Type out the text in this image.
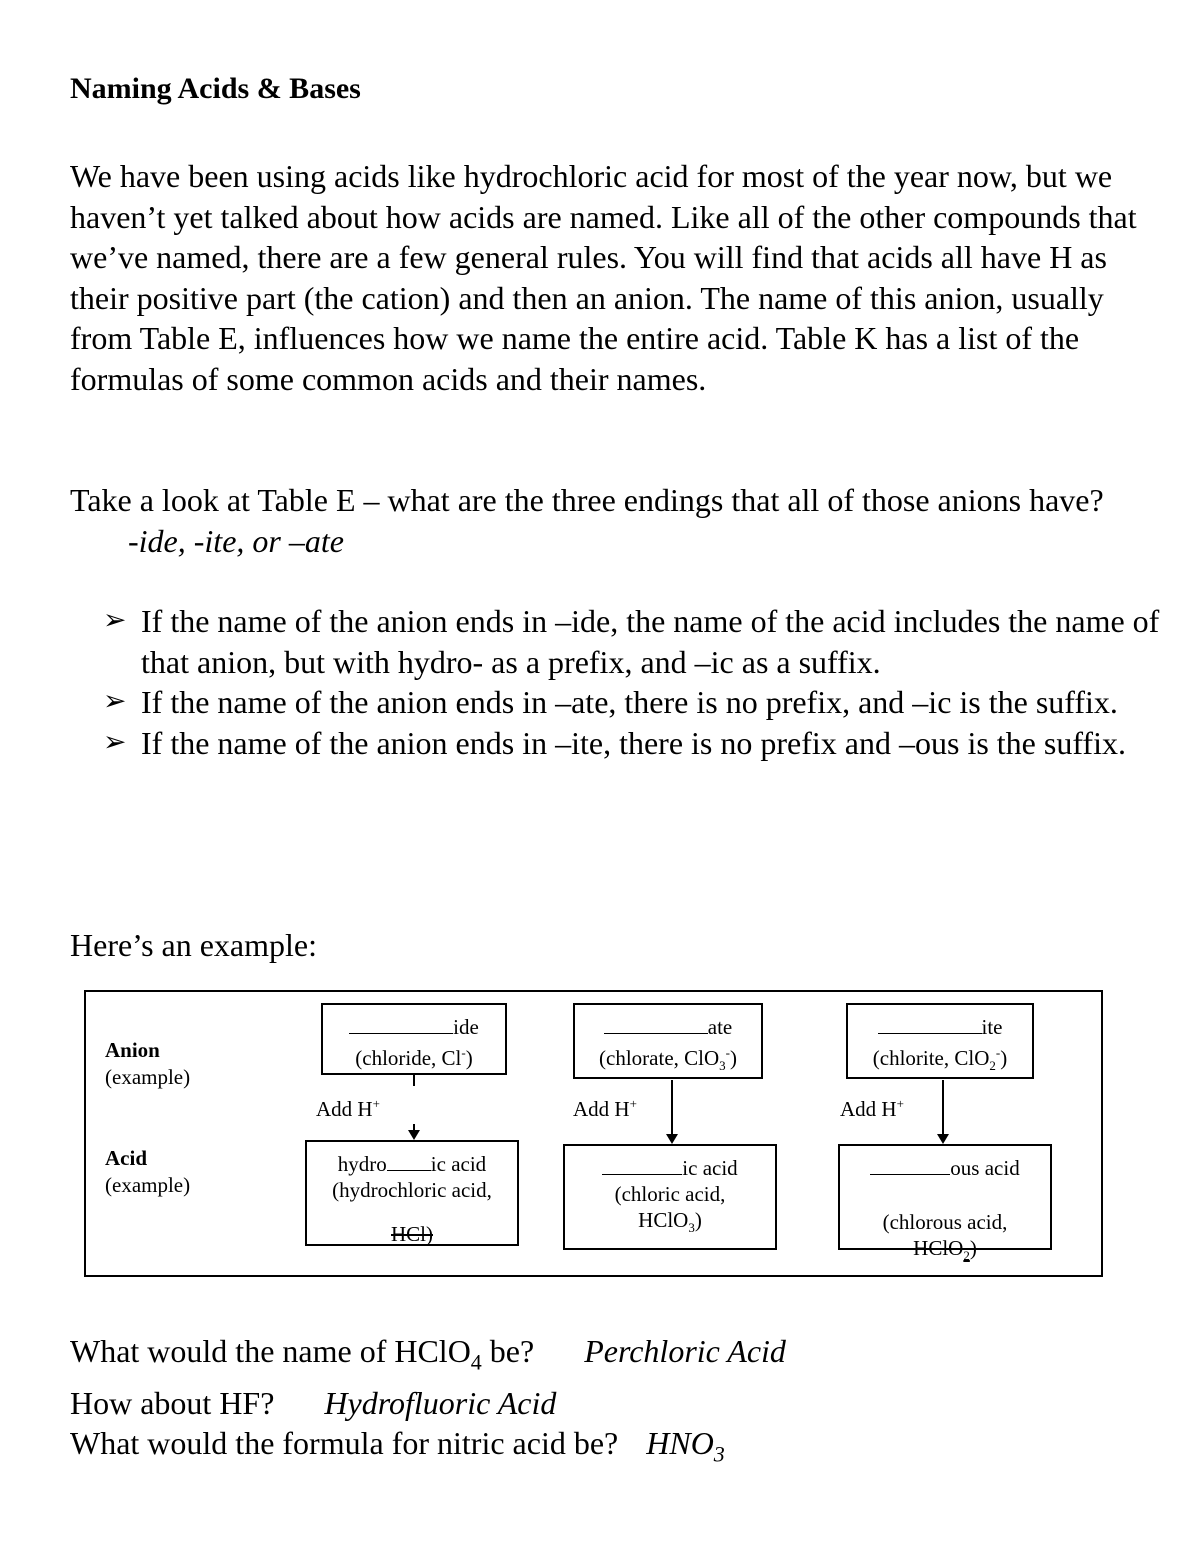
Naming Acids & Bases
We have been using acids like hydrochloric acid for most of the year now, but we haven’t yet talked about how acids are named. Like all of the other compounds that we’ve named, there are a few general rules. You will find that acids all have H as their positive part (the cation) and then an anion. The name of this anion, usually from Table E, influences how we name the entire acid. Table K has a list of the formulas of some common acids and their names.
Take a look at Table E – what are the three endings that all of those anions have?-ide, -ite, or –ate
➢ If the name of the anion ends in –ide, the name of the acid includes the name of that anion, but with hydro- as a prefix, and –ic as a suffix.
➢ If the name of the anion ends in –ate, there is no prefix, and –ic is the suffix.
➢ If the name of the anion ends in –ite, there is no prefix and –ous is the suffix.
Here’s an example:
Anion
(example)
Acid
(example)
ide
(chloride, Cl-)
Add H+
hydro ic acid
(hydrochloric acid,
HCl)
ate
(chlorate, ClO$_3$-)
Add H+
ic acid
(chloric acid,
HClO$_3$)
ite
(chlorite, ClO$_2$-)
Add H+
ous acid
(chlorous acid,
HClO$_2$)
What would the name of HClO$_4$ be? Perchloric Acid
How about HF? Hydrofluoric Acid
What would the formula for nitric acid be? $HNO_3$
